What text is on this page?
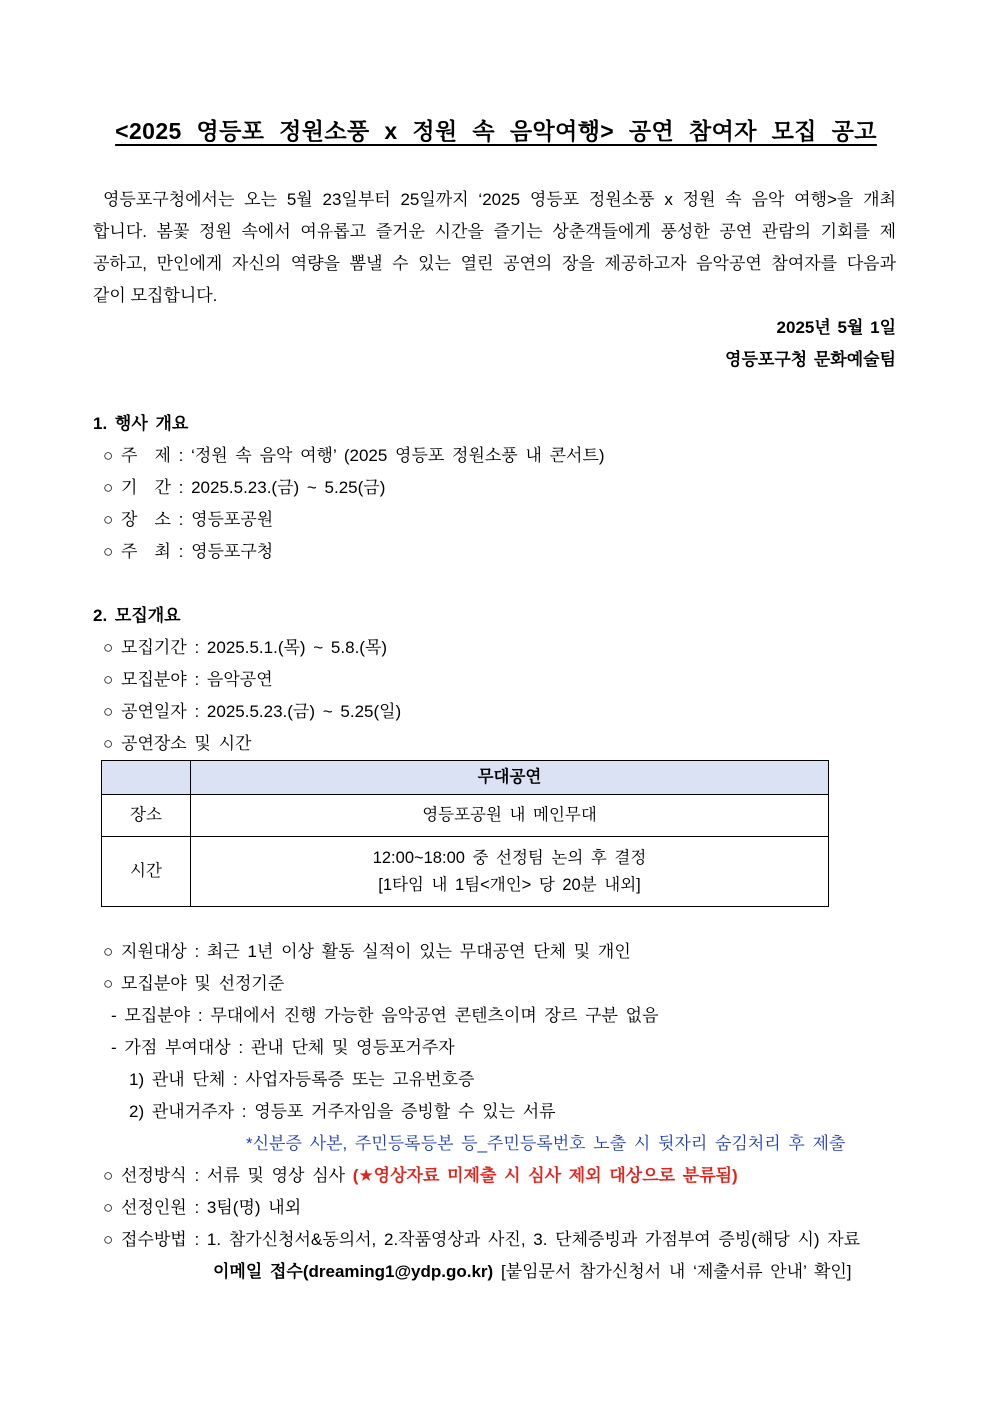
<2025 영등포 정원소풍 x 정원 속 음악여행> 공연 참여자 모집 공고
영등포구청에서는 오는 5월 23일부터 25일까지 ‘2025 영등포 정원소풍 x 정원 속 음악 여행>을 개최
합니다. 봄꽃 정원 속에서 여유롭고 즐거운 시간을 즐기는 상춘객들에게 풍성한 공연 관람의 기회를 제
공하고, 만인에게 자신의 역량을 뽐낼 수 있는 열린 공연의 장을 제공하고자 음악공연 참여자를 다음과
같이 모집합니다.
2025년 5월 1일
영등포구청 문화예술팀
1. 행사 개요
○ 주　제 : ‘정원 속 음악 여행’ (2025 영등포 정원소풍 내 콘서트)
○ 기　간 : 2025.5.23.(금) ~ 5.25(금)
○ 장　소 : 영등포공원
○ 주　최 : 영등포구청
2. 모집개요
○ 모집기간 : 2025.5.1.(목) ~ 5.8.(목)
○ 모집분야 : 음악공연
○ 공연일자 : 2025.5.23.(금) ~ 5.25(일)
○ 공연장소 및 시간
	무대공연
장소	영등포공원 내 메인무대

시간	12:00~18:00 중 선정팀 논의 후 결정
[1타임 내 1팀<개인> 당 20분 내외]
○ 지원대상 : 최근 1년 이상 활동 실적이 있는 무대공연 단체 및 개인
○ 모집분야 및 선정기준
- 모집분야 : 무대에서 진행 가능한 음악공연 콘텐츠이며 장르 구분 없음
- 가점 부여대상 : 관내 단체 및 영등포거주자
1) 관내 단체 : 사업자등록증 또는 고유번호증
2) 관내거주자 : 영등포 거주자임을 증빙할 수 있는 서류
*신분증 사본, 주민등록등본 등_주민등록번호 노출 시 뒷자리 숨김처리 후 제출
○ 선정방식 : 서류 및 영상 심사 (★영상자료 미제출 시 심사 제외 대상으로 분류됨)
○ 선정인원 : 3팀(명) 내외
○ 접수방법 : 1. 참가신청서&동의서, 2.작품영상과 사진, 3. 단체증빙과 가점부여 증빙(해당 시) 자료
이메일 접수(dreaming1@ydp.go.kr) [붙임문서 참가신청서 내 ‘제출서류 안내’ 확인]
